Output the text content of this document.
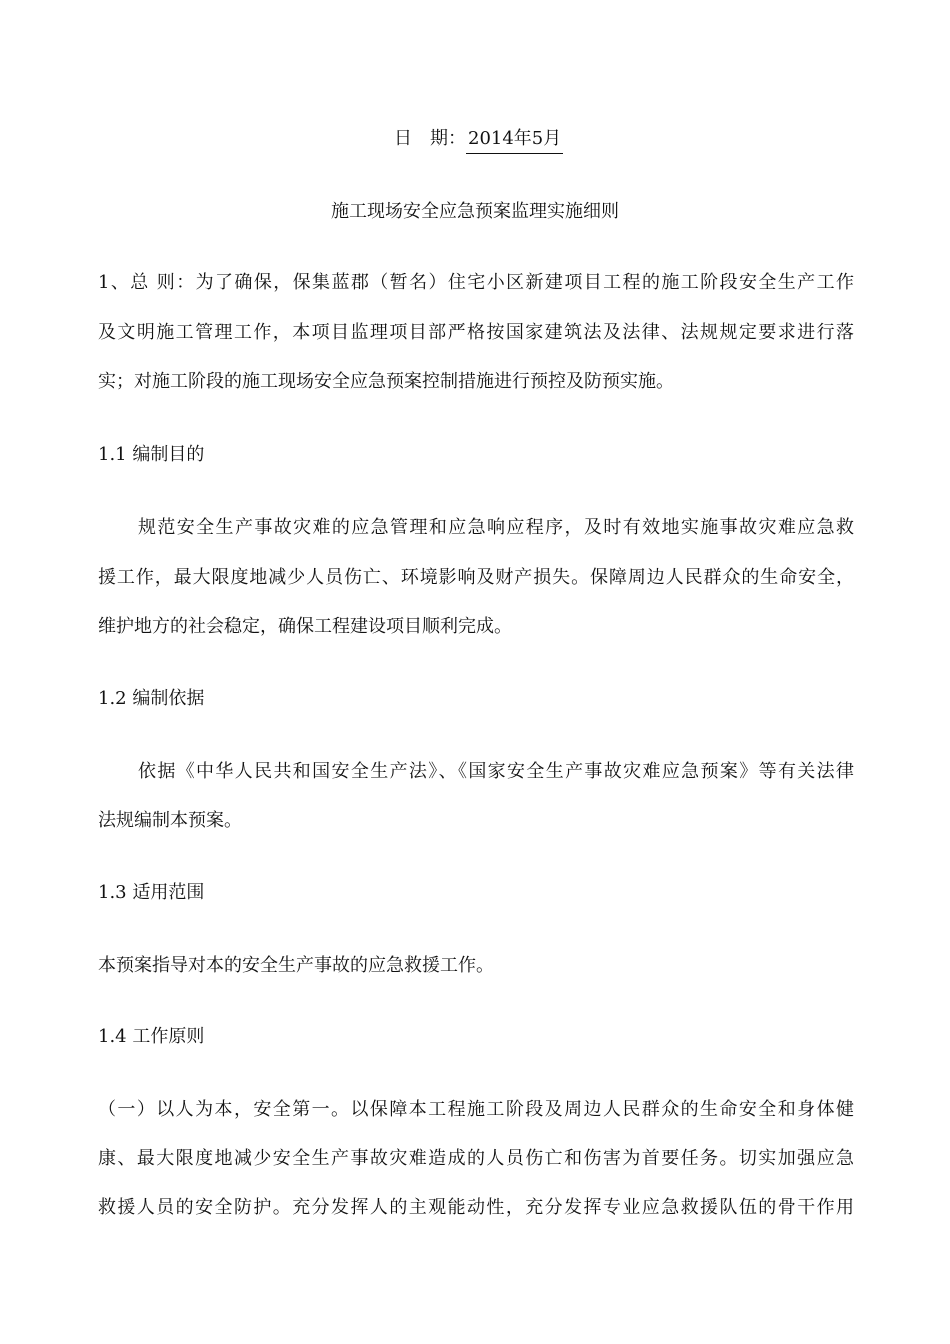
日　期： 2014年5月
施工现场安全应急预案监理实施细则
1、总 则：为了确保，保集蓝郡（暂名）住宅小区新建项目工程的施工阶段安全生产工作
及文明施工管理工作，本项目监理项目部严格按国家建筑法及法律、法规规定要求进行落
实；对施工阶段的施工现场安全应急预案控制措施进行预控及防预实施。
1.1 编制目的
规范安全生产事故灾难的应急管理和应急响应程序，及时有效地实施事故灾难应急救
援工作，最大限度地减少人员伤亡、环境影响及财产损失。保障周边人民群众的生命安全，
维护地方的社会稳定，确保工程建设项目顺利完成。
1.2 编制依据
依据《中华人民共和国安全生产法》、《国家安全生产事故灾难应急预案》等有关法律
法规编制本预案。
1.3 适用范围
本预案指导对本的安全生产事故的应急救援工作。
1.4 工作原则
（一）以人为本，安全第一。以保障本工程施工阶段及周边人民群众的生命安全和身体健
康、最大限度地减少安全生产事故灾难造成的人员伤亡和伤害为首要任务。切实加强应急
救援人员的安全防护。充分发挥人的主观能动性，充分发挥专业应急救援队伍的骨干作用
